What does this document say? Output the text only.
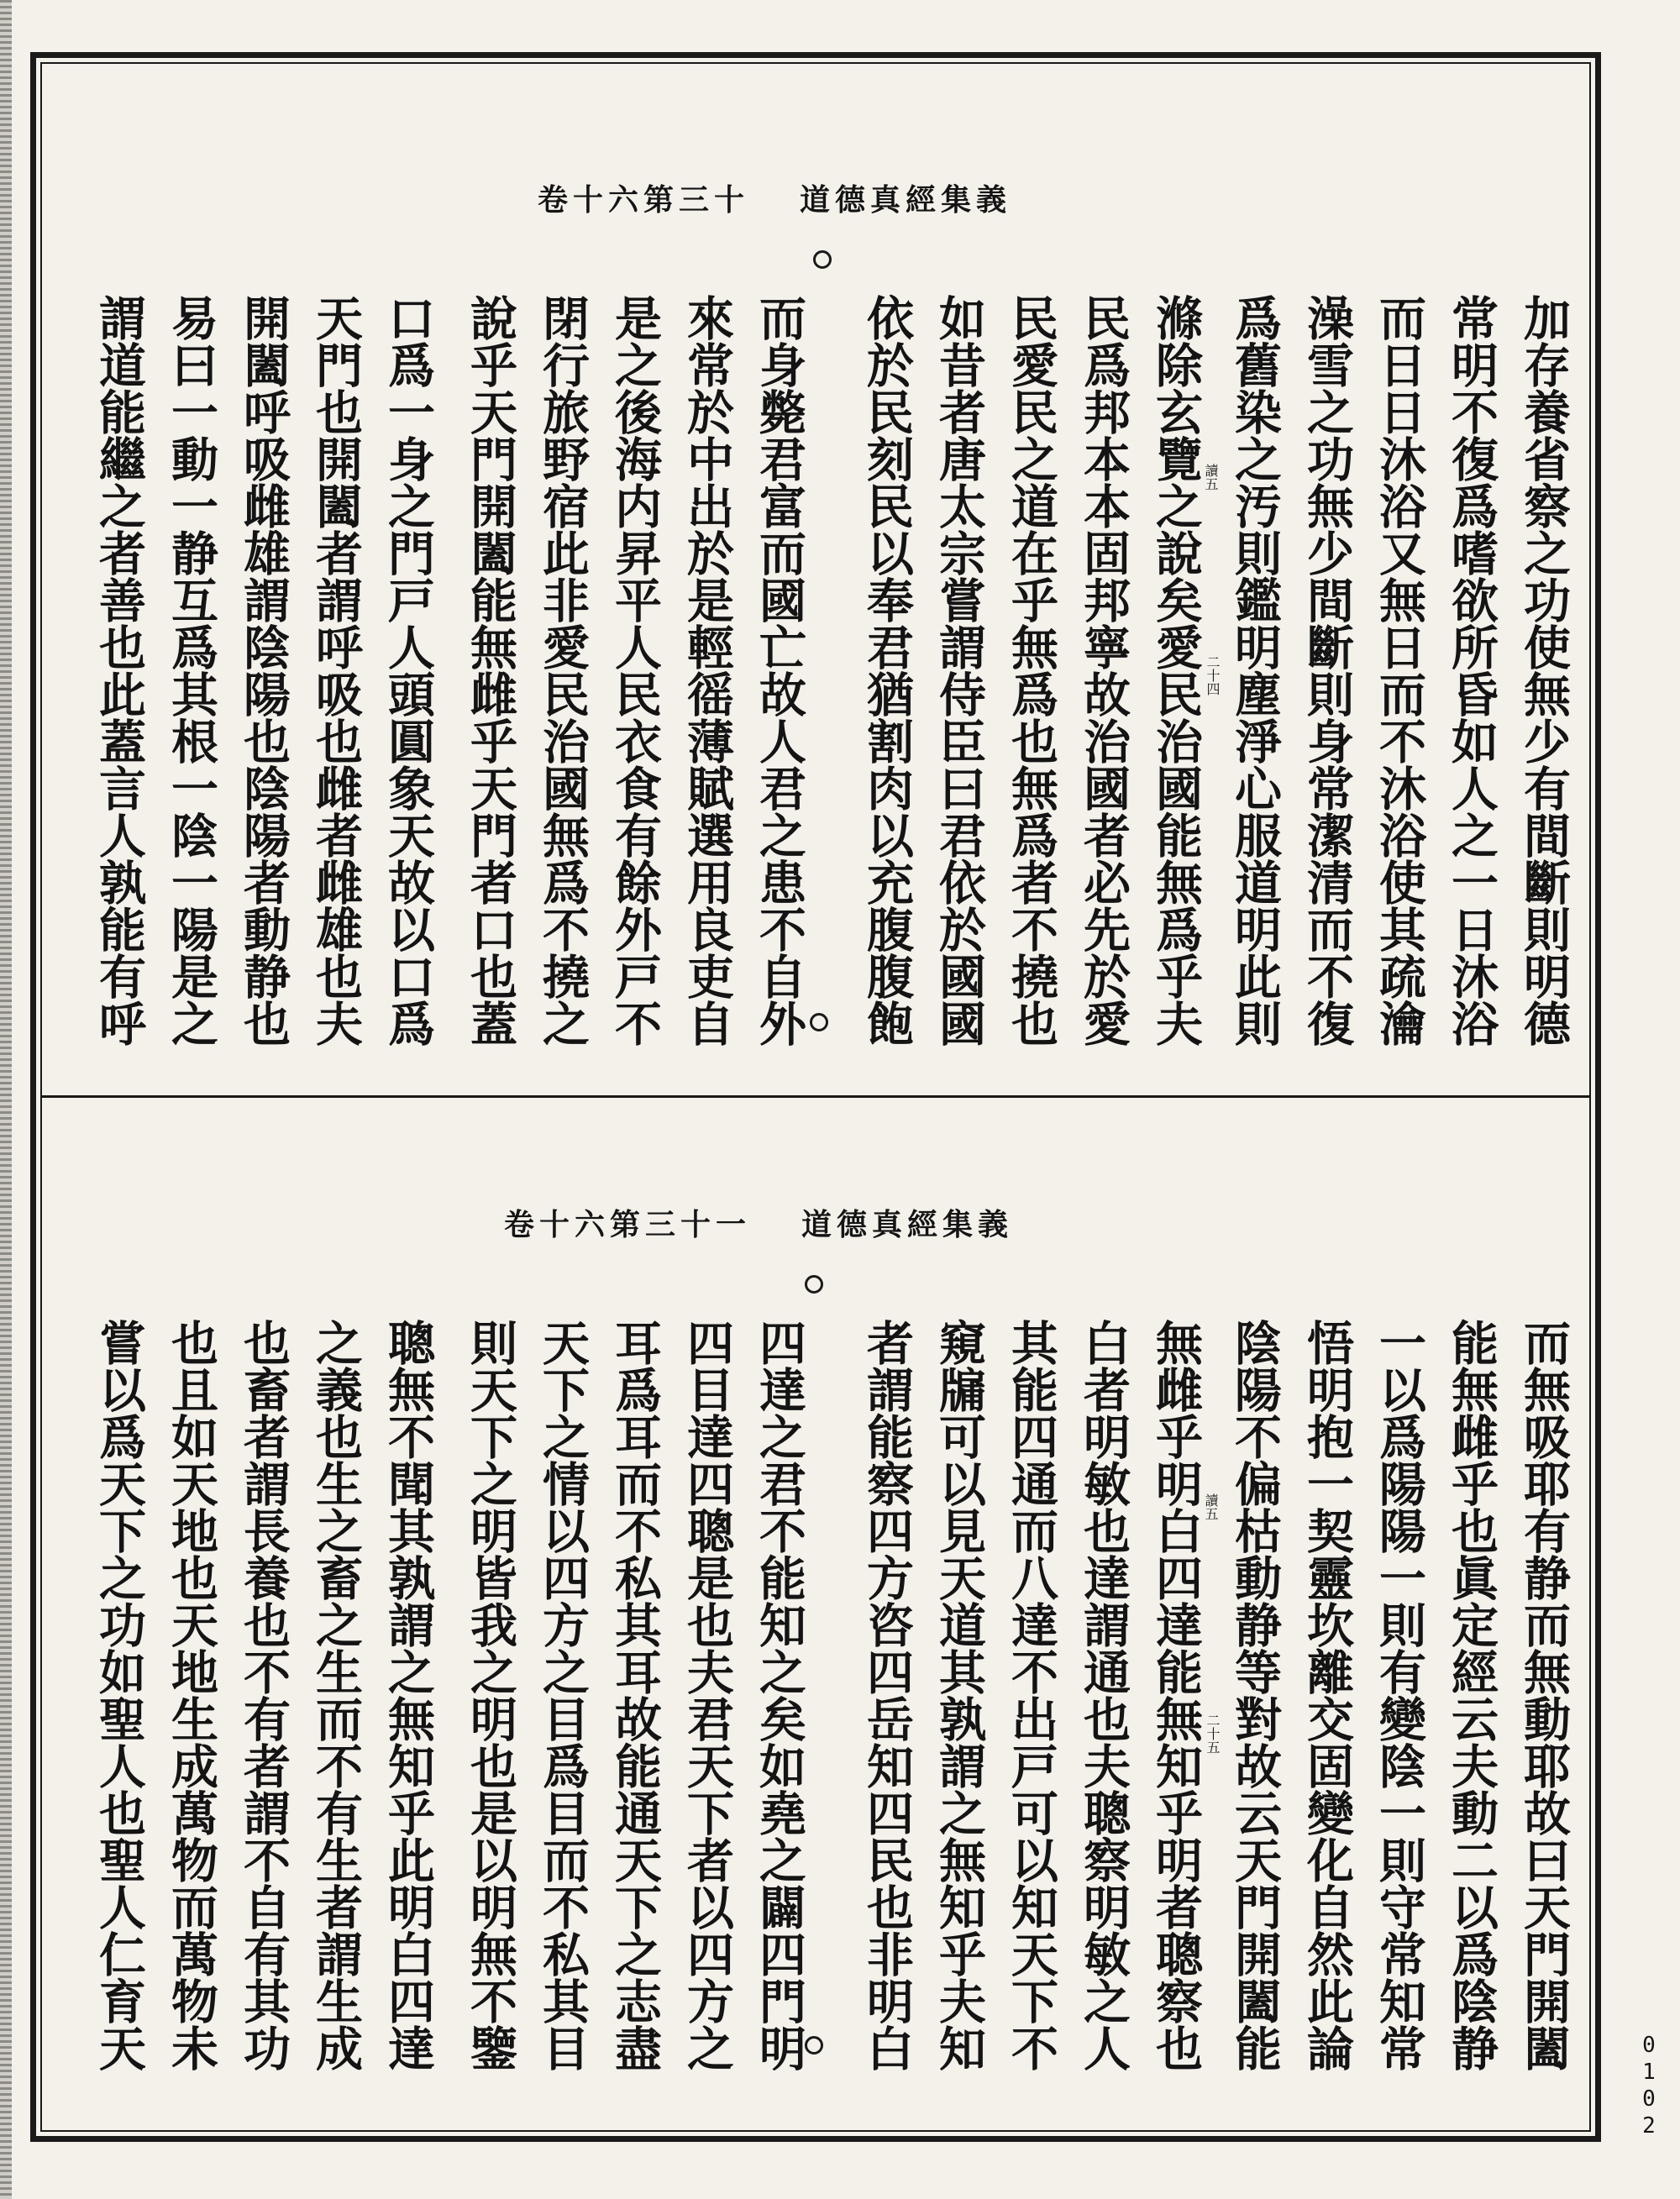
卷十六第三十 道德真經集義
加存養省察之功使無少有間斷則明德
常明不復爲嗜欲所昏如人之一日沐浴
而日日沐浴又無日而不沐浴使其疏瀹
澡雪之功無少間斷則身常潔清而不復
爲舊染之汚則鑑明塵淨心服道明此則
滌除玄覽之說矣愛民治國能無爲乎夫
民爲邦本本固邦寧故治國者必先於愛
民愛民之道在乎無爲也無爲者不撓也
如昔者唐太宗嘗謂侍臣曰君依於國國
依於民刻民以奉君猶割肉以充腹腹飽
而身斃君富而國亡故人君之患不自外
來常於中出於是輕徭薄賦選用良吏自
是之後海内昇平人民衣食有餘外戸不
閉行旅野宿此非愛民治國無爲不撓之
說乎天門開闔能無雌乎天門者口也蓋
口爲一身之門戸人頭圓象天故以口爲
天門也開闔者謂呼吸也雌者雌雄也夫
開闔呼吸雌雄謂陰陽也陰陽者動静也
易曰一動一静互爲其根一陰一陽是之
謂道能繼之者善也此蓋言人孰能有呼	讀五
二十四
卷十六第三十一 道德真經集義
而無吸耶有静而無動耶故曰天門開闔
能無雌乎也眞定經云夫動二以爲陰静
一以爲陽陽一則有變陰一則守常知常
悟明抱一契靈坎離交固變化自然此論
陰陽不偏枯動静等對故云天門開闔能
無雌乎明白四達能無知乎明者聰察也
白者明敏也達謂通也夫聰察明敏之人
其能四通而八達不出戸可以知天下不
窺牖可以見天道其孰謂之無知乎夫知
者謂能察四方咨四岳知四民也非明白
四達之君不能知之矣如堯之闢四門明
四目達四聰是也夫君天下者以四方之
耳爲耳而不私其耳故能通天下之志盡
天下之情以四方之目爲目而不私其目
則天下之明皆我之明也是以明無不鑒
聰無不聞其孰謂之無知乎此明白四達
之義也生之畜之生而不有生者謂生成
也畜者謂長養也不有者謂不自有其功
也且如天地也天地生成萬物而萬物未
嘗以爲天下之功如聖人也聖人仁育天	讀五
二十五
0102
